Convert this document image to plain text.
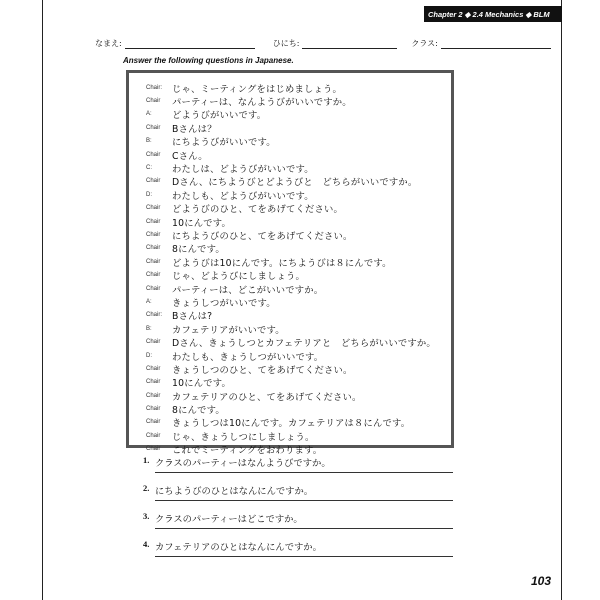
Chapter 2 ◆ 2.4 Mechanics ◆ BLM
なまえ:	ひにち:	クラス:
Answer the following questions in Japanese.
Chair:	じゃ、ミーティングをはじめましょう。
Chair	パーティーは、なんようびがいいですか。
A:	どようびがいいです。
Chair	Bさんは？
B:	にちようびがいいです。
Chair	Cさん。
C:	わたしは、どようびがいいです。
Chair	Dさん、にちようびとどようびと　どちらがいいですか。
D:	わたしも、どようびがいいです。
Chair	どようびのひと、てをあげてください。
Chair	10にんです。
Chair	にちようびのひと、てをあげてください。
Chair	8にんです。
Chair	どようびは10にんです。にちようびは８にんです。
Chair	じゃ、どようびにしましょう。
Chair	パーティーは、どこがいいですか。
A:	きょうしつがいいです。
Chair:	Bさんは?
B:	カフェテリアがいいです。
Chair	Dさん、きょうしつとカフェテリアと　どちらがいいですか。
D:	わたしも、きょうしつがいいです。
Chair	きょうしつのひと、てをあげてください。
Chair	10にんです。
Chair	カフェテリアのひと、てをあげてください。
Chair	8にんです。
Chair	きょうしつは10にんです。カフェテリアは８にんです。
Chair	じゃ、きょうしつにしましょう。
Chair	これでミーティングをおわります。
1. クラスのパーティーはなんようびですか。
2. にちようびのひとはなんにんですか。
3. クラスのパーティーはどこですか。
4. カフェテリアのひとはなんにんですか。
103
